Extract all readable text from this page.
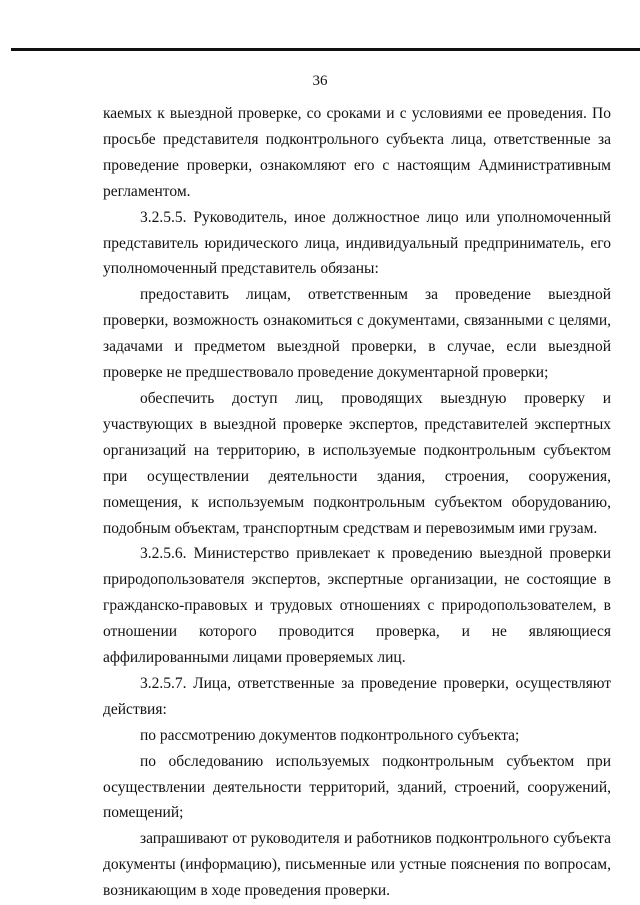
36

каемых к выездной проверке, со сроками и с условиями ее проведения. По просьбе представителя подконтрольного субъекта лица, ответственные за проведение проверки, ознакомляют его с настоящим Административным регламентом.

3.2.5.5. Руководитель, иное должностное лицо или уполномоченный представитель юридического лица, индивидуальный предприниматель, его уполномоченный представитель обязаны:

предоставить лицам, ответственным за проведение выездной проверки, возможность ознакомиться с документами, связанными с целями, задачами и предметом выездной проверки, в случае, если выездной проверке не предшествовало проведение документарной проверки;

обеспечить доступ лиц, проводящих выездную проверку и участвующих в выездной проверке экспертов, представителей экспертных организаций на территорию, в используемые подконтрольным субъектом при осуществлении деятельности здания, строения, сооружения, помещения, к используемым подконтрольным субъектом оборудованию, подобным объектам, транспортным средствам и перевозимым ими грузам.

3.2.5.6. Министерство привлекает к проведению выездной проверки природопользователя экспертов, экспертные организации, не состоящие в гражданско-правовых и трудовых отношениях с природопользователем, в отношении которого проводится проверка, и не являющиеся аффилированными лицами проверяемых лиц.

3.2.5.7. Лица, ответственные за проведение проверки, осуществляют действия:

по рассмотрению документов подконтрольного субъекта;

по обследованию используемых подконтрольным субъектом при осуществлении деятельности территорий, зданий, строений, сооружений, помещений;

запрашивают от руководителя и работников подконтрольного субъекта документы (информацию), письменные или устные пояснения по вопросам, возникающим в ходе проведения проверки.
